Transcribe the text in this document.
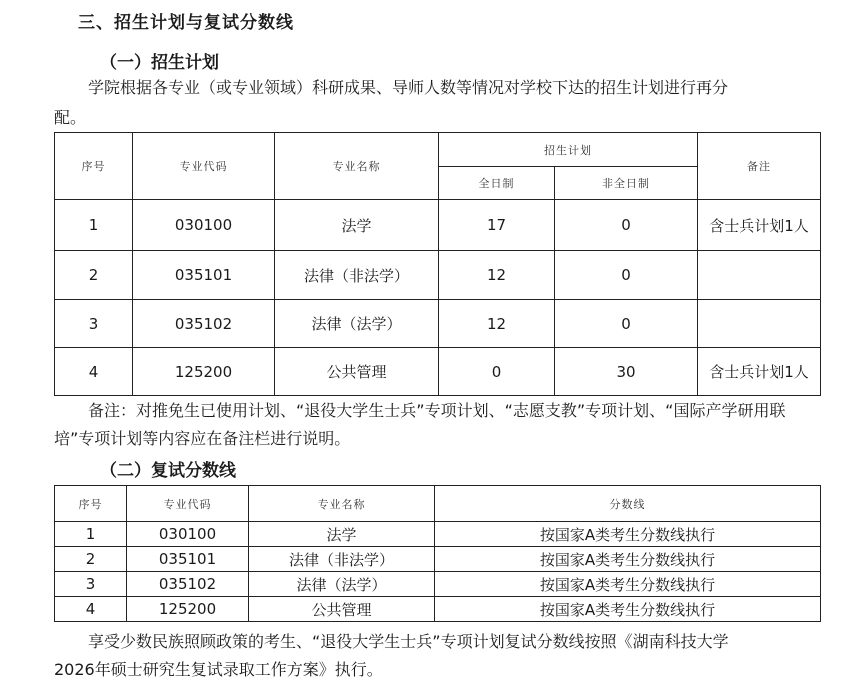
三、招生计划与复试分数线
（一）招生计划
学院根据各专业（或专业领域）科研成果、导师人数等情况对学校下达的招生计划进行再分
配。
序号	专业代码	专业名称	招生计划		备注
			全日制	非全日制	
1	030100	法学	17	0	含士兵计划1人
2	035101	法律（非法学）	12	0	
3	035102	法律（法学）	12	0	
4	125200	公共管理	0	30	含士兵计划1人
备注：对推免生已使用计划、“退役大学生士兵”专项计划、“志愿支教”专项计划、“国际产学研用联
培”专项计划等内容应在备注栏进行说明。
（二）复试分数线
序号	专业代码	专业名称	分数线
1	030100	法学	按国家A类考生分数线执行
2	035101	法律（非法学）	按国家A类考生分数线执行
3	035102	法律（法学）	按国家A类考生分数线执行
4	125200	公共管理	按国家A类考生分数线执行
享受少数民族照顾政策的考生、“退役大学生士兵”专项计划复试分数线按照《湖南科技大学
2026年硕士研究生复试录取工作方案》执行。
